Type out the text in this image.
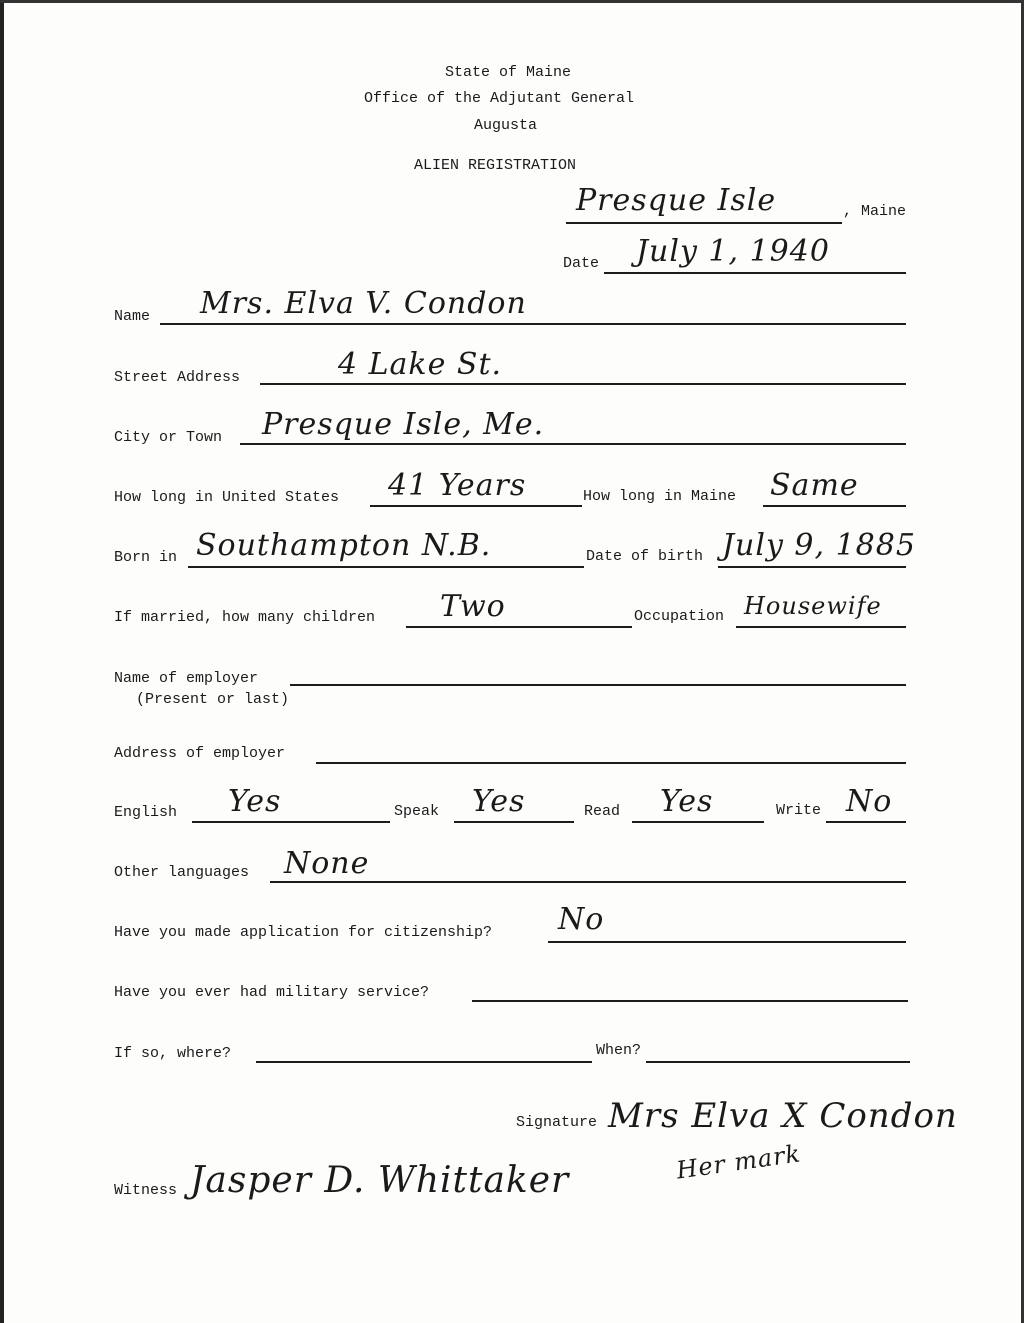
State of Maine
Office of the Adjutant General
Augusta
ALIEN REGISTRATION
Presque Isle	, Maine
Date July 1, 1940
Name Mrs. Elva V. Condon
Street Address	4 Lake St.
City or Town Presque Isle, Me.
How long in United States 41 Years	How long in Maine Same
Born in Southampton N.B.	Date of birth July 9, 1885
If married, how many children Two	Occupation Housewife
Name of employer
(Present or last)
Address of employer
English Yes	Speak Yes	Read Yes	Write No
Other languages None
Have you made application for citizenship? No
Have you ever had military service?
If so, where?	When?
Signature Mrs Elva X Condon
Her mark
Witness Jasper D. Whittaker
